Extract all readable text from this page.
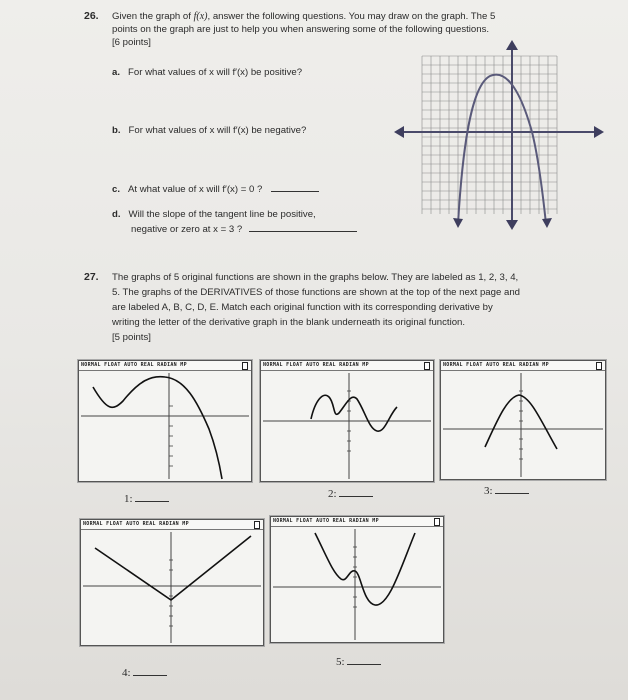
26. Given the graph of f(x), answer the following questions. You may draw on the graph. The 5
points on the graph are just to help you when answering some of the following questions.
[6 points]
a. For what values of x will f′(x) be positive?
b. For what values of x will f′(x) be negative?
c. At what value of x will f′(x) = 0 ?
d. Will the slope of the tangent line be positive,
negative or zero at x = 3 ?
27. The graphs of 5 original functions are shown in the graphs below. They are labeled as 1, 2, 3, 4,
5. The graphs of the DERIVATIVES of those functions are shown at the top of the next page and
are labeled A, B, C, D, E. Match each original function with its corresponding derivative by
writing the letter of the derivative graph in the blank underneath its original function.
[5 points]
NORMAL FLOAT AUTO REAL RADIAN MP
1:
NORMAL FLOAT AUTO REAL RADIAN MP
2:
NORMAL FLOAT AUTO REAL RADIAN MP
3:
NORMAL FLOAT AUTO REAL RADIAN MP
4:
NORMAL FLOAT AUTO REAL RADIAN MP
5:
